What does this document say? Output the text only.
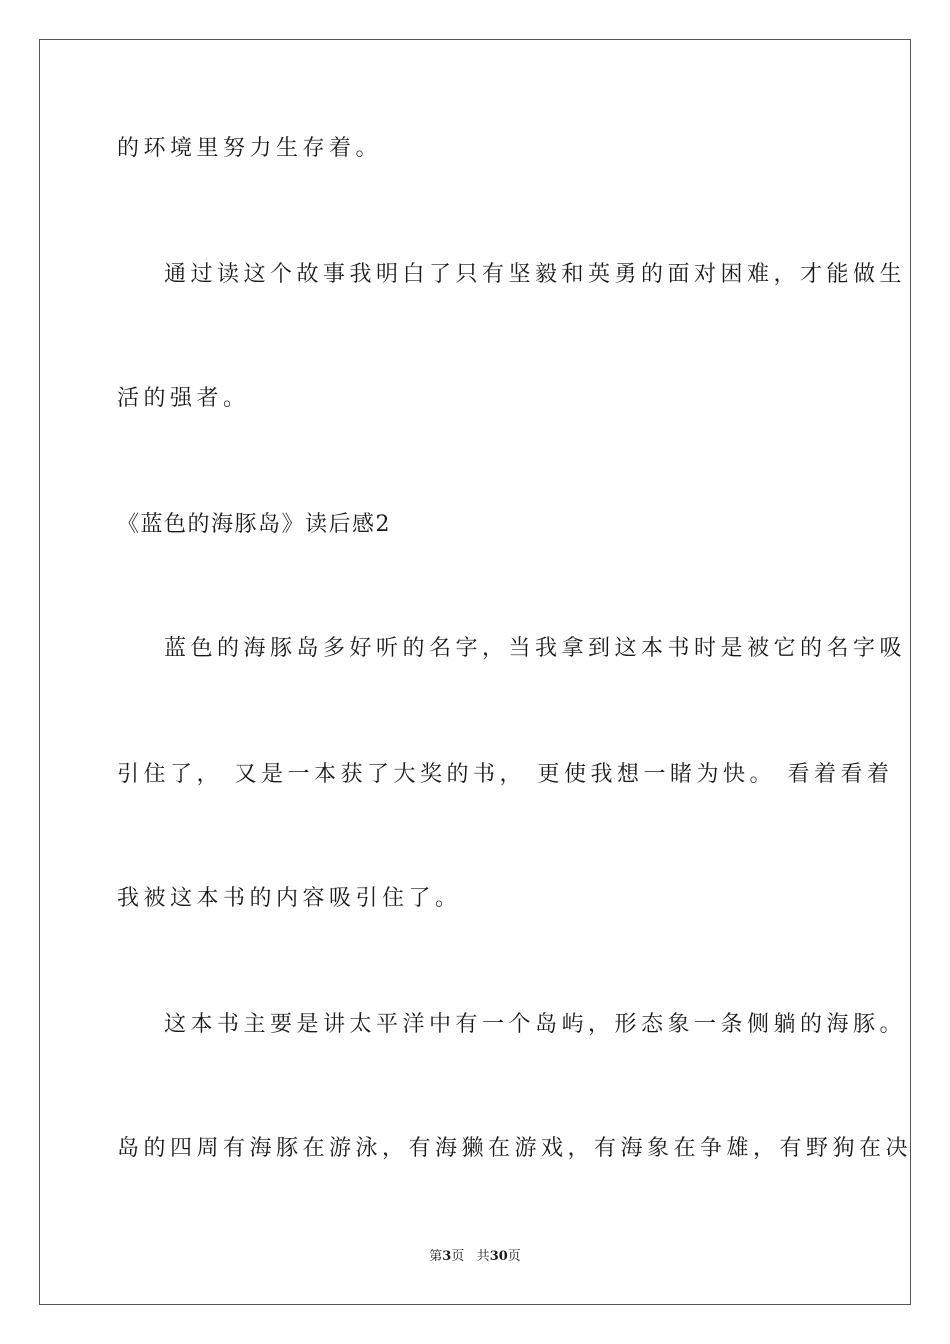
的环境里努力生存着。
通过读这个故事我明白了只有坚毅和英勇的面对困难，才能做生
活的强者。
《蓝色的海豚岛》读后感2
蓝色的海豚岛多好听的名字，当我拿到这本书时是被它的名字吸
引住了， 又是一本获了大奖的书， 更使我想一睹为快。 看着看着
我被这本书的内容吸引住了。
这本书主要是讲太平洋中有一个岛屿，形态象一条侧躺的海豚。
岛的四周有海豚在游泳，有海獭在游戏，有海象在争雄，有野狗在决
第3页 共30页
